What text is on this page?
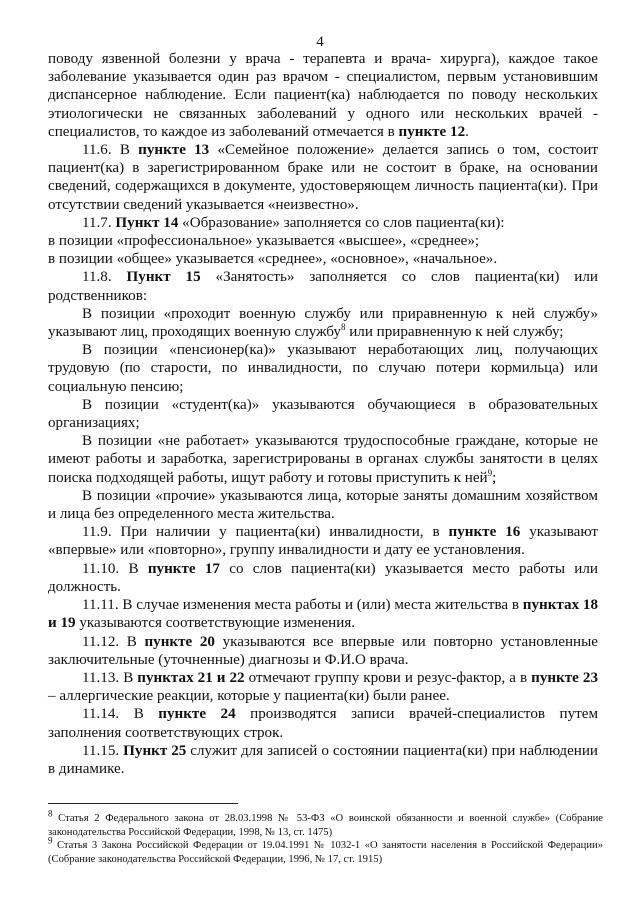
4

поводу язвенной болезни у врача - терапевта и врача- хирурга), каждое такое заболевание указывается один раз врачом - специалистом, первым установившим диспансерное наблюдение. Если пациент(ка) наблюдается по поводу нескольких этиологически не связанных заболеваний у одного или нескольких врачей - специалистов, то каждое из заболеваний отмечается в пункте 12.

11.6. В пункте 13 «Семейное положение» делается запись о том, состоит пациент(ка) в зарегистрированном браке или не состоит в браке, на основании сведений, содержащихся в документе, удостоверяющем личность пациента(ки). При отсутствии сведений указывается «неизвестно».

11.7. Пункт 14 «Образование» заполняется со слов пациента(ки):

в позиции «профессиональное» указывается «высшее», «среднее»;

в позиции «общее» указывается «среднее», «основное», «начальное».

11.8. Пункт 15 «Занятость» заполняется со слов пациента(ки) или родственников:

В позиции «проходит военную службу или приравненную к ней службу» указывают лиц, проходящих военную службу$^8$ или приравненную к ней службу;

В позиции «пенсионер(ка)» указывают неработающих лиц, получающих трудовую (по старости, по инвалидности, по случаю потери кормильца) или социальную пенсию;

В позиции «студент(ка)» указываются обучающиеся в образовательных организациях;

В позиции «не работает» указываются трудоспособные граждане, которые не имеют работы и заработка, зарегистрированы в органах службы занятости в целях поиска подходящей работы, ищут работу и готовы приступить к ней$^9$;

В позиции «прочие» указываются лица, которые заняты домашним хозяйством и лица без определенного места жительства.

11.9. При наличии у пациента(ки) инвалидности, в пункте 16 указывают «впервые» или «повторно», группу инвалидности и дату ее установления.

11.10. В пункте 17 со слов пациента(ки) указывается место работы или должность.

11.11. В случае изменения места работы и (или) места жительства в пунктах 18 и 19 указываются соответствующие изменения.

11.12. В пункте 20 указываются все впервые или повторно установленные заключительные (уточненные) диагнозы и Ф.И.О врача.

11.13. В пунктах 21 и 22 отмечают группу крови и резус-фактор, а в пункте 23 – аллергические реакции, которые у пациента(ки) были ранее.

11.14. В пункте 24 производятся записи врачей-специалистов путем заполнения соответствующих строк.

11.15. Пункт 25 служит для записей о состоянии пациента(ки) при наблюдении в динамике.

$^8$ Статья 2 Федерального закона от 28.03.1998 № 53-ФЗ «О воинской обязанности и военной службе» (Собрание законодательства Российской Федерации, 1998, № 13, ст. 1475)

$^9$ Статья 3 Закона Российской Федерации от 19.04.1991 № 1032-1 «О занятости населения в Российской Федерации» (Собрание законодательства Российской Федерации, 1996, № 17, ст. 1915)
